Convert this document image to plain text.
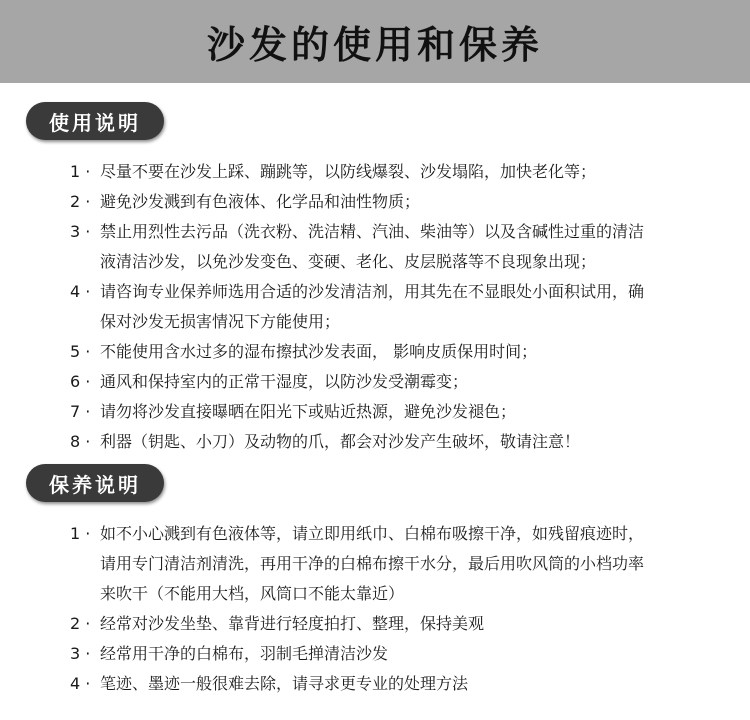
沙发的使用和保养
使用说明
1 · 尽量不要在沙发上踩、蹦跳等，以防线爆裂、沙发塌陷，加快老化等；
2 · 避免沙发溅到有色液体、化学品和油性物质；
3 · 禁止用烈性去污品（洗衣粉、洗洁精、汽油、柴油等）以及含碱性过重的清洁
液清洁沙发，以免沙发变色、变硬、老化、皮层脱落等不良现象出现；
4 · 请咨询专业保养师选用合适的沙发清洁剂，用其先在不显眼处小面积试用，确
保对沙发无损害情况下方能使用；
5 · 不能使用含水过多的湿布擦拭沙发表面， 影响皮质保用时间；
6 · 通风和保持室内的正常干湿度，以防沙发受潮霉变；
7 · 请勿将沙发直接曝晒在阳光下或贴近热源，避免沙发褪色；
8 · 利器（钥匙、小刀）及动物的爪，都会对沙发产生破坏，敬请注意！
保养说明
1 · 如不小心溅到有色液体等，请立即用纸巾、白棉布吸擦干净，如残留痕迹时，
请用专门清洁剂清洗，再用干净的白棉布擦干水分，最后用吹风筒的小档功率
来吹干（不能用大档，风筒口不能太靠近）
2 · 经常对沙发坐垫、靠背进行轻度拍打、整理，保持美观
3 · 经常用干净的白棉布，羽制毛掸清洁沙发
4 · 笔迹、墨迹一般很难去除，请寻求更专业的处理方法
